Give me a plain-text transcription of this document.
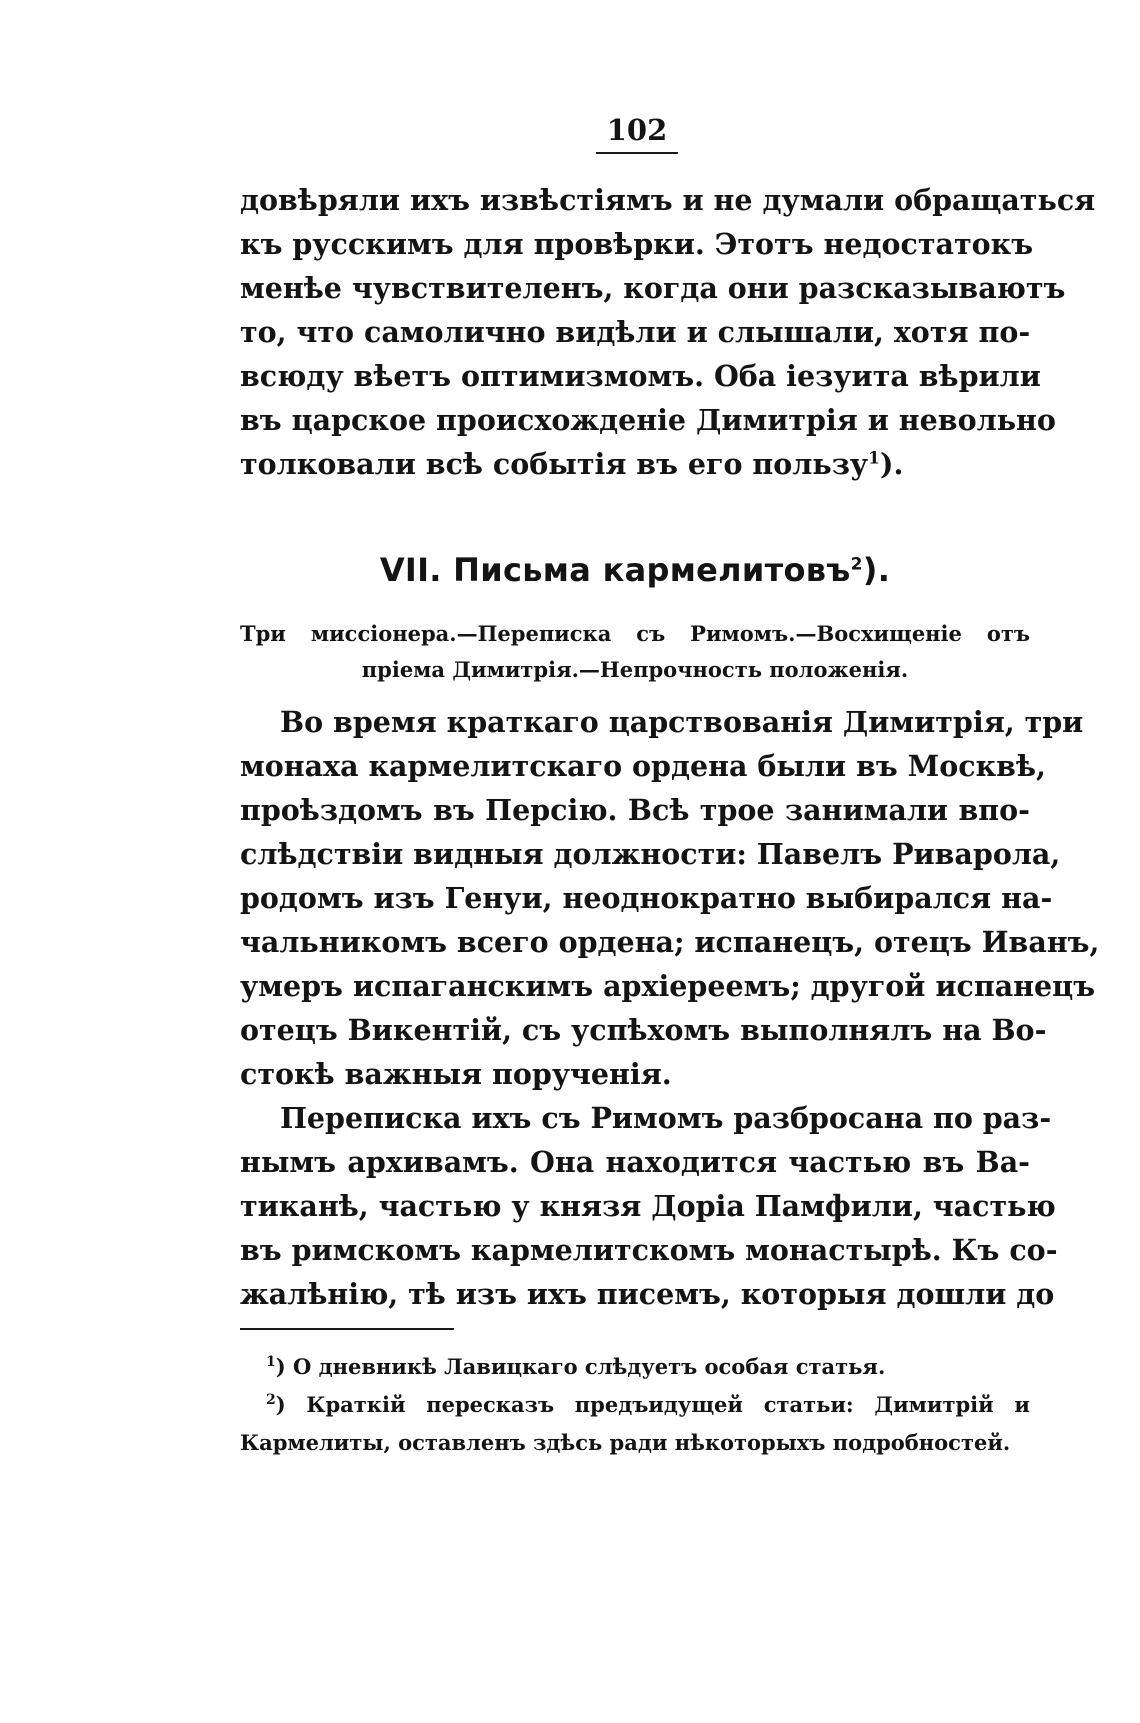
102
довѣряли ихъ извѣстіямъ и не думали обращаться
къ русскимъ для провѣрки. Этотъ недостатокъ
менѣе чувствителенъ, когда они разсказываютъ
то, что самолично видѣли и слышали, хотя по-
всюду вѣетъ оптимизмомъ. Оба іезуита вѣрили
въ царское происхожденіе Димитрія и невольно
толковали всѣ событія въ его пользу$^1$).
VII. Письма кармелитовъ$^2$).
Три миссіонера.—Переписка съ Римомъ.—Восхищеніе отъ
пріема Димитрія.—Непрочность положенія.
Во время краткаго царствованія Димитрія, три
монаха кармелитскаго ордена были въ Москвѣ,
проѣздомъ въ Персію. Всѣ трое занимали впо-
слѣдствіи видныя должности: Павелъ Риварола,
родомъ изъ Генуи, неоднократно выбирался на-
чальникомъ всего ордена; испанецъ, отецъ Иванъ,
умеръ испаганскимъ архіереемъ; другой испанецъ
отецъ Викентій, съ успѣхомъ выполнялъ на Во-
стокѣ важныя порученія.
Переписка ихъ съ Римомъ разбросана по раз-
нымъ архивамъ. Она находится частью въ Ва-
тиканѣ, частью у князя Доріа Памфили, частью
въ римскомъ кармелитскомъ монастырѣ. Къ со-
жалѣнію, тѣ изъ ихъ писемъ, которыя дошли до
$^1$) О дневникѣ Лавицкаго слѣдуетъ особая статья.
$^2$) Краткій пересказъ предъидущей статьи: Димитрій и
Кармелиты, оставленъ здѣсь ради нѣкоторыхъ подробностей.
